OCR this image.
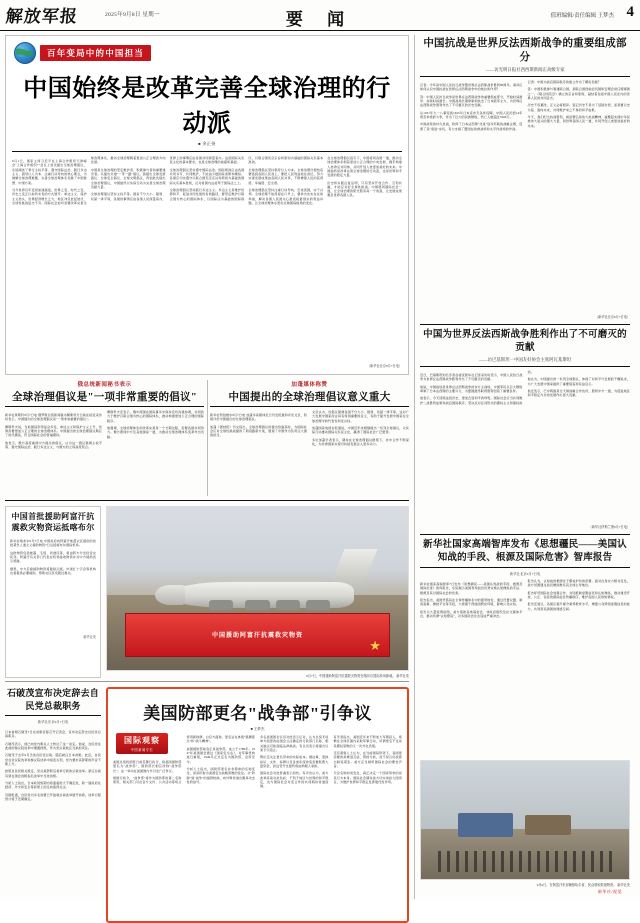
解放军报	2025年9月8日 星期一	要 闻	值班编辑/责任编辑 王梦杰 4
百年变局中的中国担当
中国始终是改革完善全球治理的行动派
■ 余正扬

9月1日，国家主席习近平在上海合作组织天津峰会"上海合作组织+"会议上首次提出全球治理倡议，系统阐述了奉行主权平等、遵守国际法治、践行多边主义、倡导以人为本、注重行动导向的核心理念，为破解全球治理难题、完善全球治理体系贡献了中国智慧、中国方案。

当今世界百年变局加速演进，世界之变、时代之变、历史之变正以前所未有的方式展开。单边主义、保护主义抬头，世界经济增长乏力，地区冲突此起彼伏，全球性挑战层出不穷。国际社会迫切需要改革完善全球治理体系，推动全球治理朝着更加公正合理的方向发展。

中国是全球治理的坚定维护者、积极参与者和重要建设者。从提出共建"一带一路"倡议，到提出全球发展倡议、全球安全倡议、全球文明倡议，再到此次提出全球治理倡议，中国始终以实际行动为完善全球治理贡献力量。

全球治理倡议坚持主权平等。国家不分大小、强弱、贫富一律平等，各国的事情应由各国人民商量着办，世界上的事情应由各国共同商量着办。这是国际关系民主化的基本要求，也是全球治理的前提和基础。

全球治理倡议坚持遵守国际法治。国际规则应由各国共同书写、共同维护，不能由少数国家垄断和操纵。各国应切实遵守以联合国宪章宗旨和原则为基础的国际关系基本准则，反对将国内法凌驾于国际法之上。

全球治理倡议坚持践行多边主义。多边主义是维护世界和平、促进共同发展的有效路径。要坚定维护以联合国为核心的国际体系，以国际法为基础的国际秩序，以联合国宪章宗旨和原则为基础的国际关系基本准则。

全球治理倡议坚持倡导以人为本。全球治理归根结底要落到各国人民身上，要把人民利益放在首位，努力实现发展成果由各国人民共享，不断增强人民的获得感、幸福感、安全感。

全球治理倡议坚持注重行动导向。空谈误国，实干兴邦。全球治理不能停留在口号上，要拿出实实在在的举措，解决各国人民最关心最直接最现实的利益问题，让全球治理体系更好反映国际格局的变化。

在全球治理倡议指引下，中国将同各国一道，推动全球治理体系朝着更加公正合理的方向发展，携手构建人类命运共同体，共同开创人类更加美好的未来。中国始终是改革完善全球治理的行动派，也是世界和平发展的稳定力量。

历史和实践反复证明，只有坚持开放合作、互利共赢，才能应对好全球性挑战。中国愿同国际社会一道，让全球治理的阳光照亮每一个角落，让发展成果惠及世界各国人民。

（新华社北京9月7日电）
俄总统新闻秘书表示
全球治理倡议是"一项非常重要的倡议"

新华社莫斯科9月7日电 俄罗斯总统新闻秘书佩斯科夫日前在接受采访时表示，中国提出的全球治理倡议是"一项非常重要的倡议"。

佩斯科夫说，当前国际形势复杂多变，单边主义和保护主义上升，世界需要更加公正合理的全球治理体系。中国提出的全球治理倡议顺应了时代潮流，符合国际社会的普遍期待。

他表示，俄方高度重视中方提出的倡议，认为这一倡议强调主权平等、遵守国际法治、践行多边主义，与俄方的立场高度契合。

佩斯科夫还表示，俄中两国在国际事务中保持密切沟通协调，共同致力于维护以联合国为核心的国际体系，推动构建更加公正合理的国际秩序。

他强调，全球治理体系的改革完善是一个长期过程，需要各国共同努力。俄方愿同中方及其他国家一道，为推动全球治理体系变革作出贡献。

加蓬媒体称赞
中国提出的全球治理倡议意义重大

新华社利伯维尔9月7日电 加蓬多家媒体近日刊发报道和评论文章，积极评价中国提出的全球治理倡议。

加蓬《团结报》刊文指出，全球治理倡议的提出恰逢其时，为国际社会应对全球性挑战提供了新思路新方案，展现了中国作为负责任大国的担当。

文章认为，该倡议强调各国不分大小、强弱、贫富一律平等，这对广大发展中国家而言具有特别重要的意义，有助于提升发展中国家在全球治理中的代表性和发言权。

加蓬国家电视台报道说，中国近年来相继提出一系列全球倡议，以实际行动推动国际关系民主化，赢得了国际社会广泛赞誉。

多位加蓬学者表示，期待在全球治理倡议框架下，非中合作不断深化，为非洲国家实现可持续发展注入更多动力。

中国首批援助阿富汗抗震救灾物资运抵喀布尔

新华社喀布尔9月7日电 中国政府向阿富汗地震灾区提供的首批紧急人道主义援助物资7日运抵喀布尔国际机场。

这批物资包括帐篷、毛毯、折叠床等，将由阿方分发给受灾民众。阿富汗有关部门代表在机场接收物资并对中方援助表示感谢。

据悉，中方后续援助物资将陆续运抵。中国红十字会等机构也将提供必要援助，帮助灾区民众渡过难关。

新华社发	中国援助阿富汗抗震救灾物资
★
9月7日，中国援助阿富汗抗震救灾物资在喀布尔国际机场卸载。 新华社发
石破茂宣布决定辞去自民党总裁职务
新华社东京9月7日电

日本首相石破茂7日在首相官邸召开记者会，宣布决定辞去自民党总裁职务。

石破茂表示，他已向党内相关人士转达了这一决定。他说，自民党在此前的参议院选举中遭遇挫败，作为党总裁他应当承担责任。

石破茂于去年9月当选自民党总裁，随后就任日本首相。此后，自民党在众议院选举和参议院选举中接连失利，党内要求其辞职的声音不断上升。

按照自民党相关规定，党总裁辞职后将举行新的总裁选举。新任总裁有望在国会首相指名选举中当选首相。

分析人士指出，日本政局短期内将面临较大不确定性，新一届政府在经济、外交和安全等政策上的走向值得关注。

另据报道，自民党内多名政要已开始就总裁选举展开协商，选举日程预计将于近期确定。

美国防部更名"战争部"引争议
■ 王梦杰
国际观察
中国新闻专栏

美国总统特朗普日前签署行政令，将美国国防部更名为"战争部"，国防部长相应改称"战争部长"。这一举动在美国国内外引发广泛争议。

根据行政令，"战争部"将作为国防部的第二名称使用，相关部门可在官方文件、公共活动等场合使用新称谓。白宫方面称，更名旨在体现"强硬姿态"和"战斗精神"。

美国国防部前身正是战争部，成立于1789年。1947年美国国会通过《国家安全法》，对军事机构进行重组，1949年正式定名为国防部，沿用至今。

分析人士指出，国防部更名并非简单的名称变化，而是折射出美国安全战略思维的变化。从"防御"到"战争"的措辞转换，向外界传递出颇具攻击性的信号。

多名美国国会议员对此表示反对，认为总统无权单方面更改由国会立法确定的行政部门名称，相关做法可能面临法律挑战。有议员表示将提出议案予以阻止。

舆论还关注更名带来的实际成本。据估算，更换标识、文件、标牌以及各类系统改造需要耗费大量资金，而这笔开支最终将由纳税人承担。

国际社会对此普遍表示担忧。有评论认为，美方此举渲染对抗色彩，不利于地区与世界的和平稳定，也与国际社会对话合作的共同期待背道而驰。

有学者指出，美国近年来不断加大军费投入，频繁在全球范围内采取军事行动，所谓更名不过是其霸权思维的又一次外化表现。

还有观察人士认为，在当前国际形势下，各国更需要的是增进互信、管控分歧，而不是以好战姿态制造紧张。美方应当倾听国际社会的理性声音。

无论名称如何变化，真正决定一个国家形象的是其行为本身。国际社会期待美方切实承担大国责任，为维护世界和平稳定发挥建设性作用。

中国抗战是世界反法西斯战争的重要组成部分
——访光明日报社西西斯新闻正高级专家

记者：今年是中国人民抗日战争暨世界反法西斯战争胜利80周年。请问应如何认识中国抗战在世界反法西斯战争中的地位和作用？

答：中国人民抗日战争是世界反法西斯战争的重要组成部分，开始时间最早、持续时间最长。中国战场长期牵制和抗击了日本陆军主力，为世界反法西斯战争胜利作出了不可磨灭的历史贡献。

从1931年九一八事变到1945年日本宣布无条件投降，中国人民历经14年艰苦卓绝的斗争，付出了巨大的民族牺牲，伤亡人数超过3500万。

中国战场的持久抗战，粉碎了日本法西斯"北进"进攻苏联的战略企图，迟滞了其"南进"步伐，有力支援了盟国在欧洲战场和太平洋战场的作战。

记者：中国为战后国际秩序的建立作出了哪些贡献？

答：中国积极参与筹建联合国，是联合国创始会员国和安理会常任理事国之一。《联合国宪章》确立的宗旨和原则，凝结着包括中国人民在内的世界人民的共同意志。

历史不容篡改，正义必将昭彰。铭记历史不是为了延续仇恨，而是要以史为鉴、面向未来，共同维护来之不易的和平成果。

今天，我们纪念抗战胜利，就是要弘扬伟大抗战精神，凝聚起实现中华民族伟大复兴的强大力量，同世界各国人民一道，共同开创人类更加美好的未来。

（新华社北京9月7日电）
中国为世界反法西斯战争胜利作出了不可磨灭的贡献
——访巴基斯坦一中国友好协会主席阿瓦基斯坦

近日，巴基斯坦知名学者在接受新华社记者采访时表示，中国人民抗日战争为世界反法西斯战争胜利作出了不可磨灭的贡献。

他说，中国战场是世界反法西斯战争的东方主战场，中国军民以巨大牺牲牵制了日本法西斯的主要兵力，为盟国最终取得胜利创造了重要条件。

他表示，今天回顾这段历史，更加凸显和平的珍贵。国际社会应当共同维护二战胜利成果和战后国际秩序，坚决反对任何形式的霸权主义和强权政治。

他认为，中国提出的一系列全球倡议，体现了对和平与发展的不懈追求，为广大发展中国家提供了重要借鉴和有益启示。

他还表示，巴中两国是全天候战略合作伙伴，愿同中方一道，为促进地区和平稳定与共同发展作出更大贡献。

（新华社伊斯兰堡9月7日电）
新华社国家高端智库发布《思想疆民——美国认知战的手段、根源及国际危害》智库报告
新华社北京9月7日电

新华社国家高端智库7日发布《思想疆民——美国认知战的手段、根源及国际危害》智库报告，系统揭示美国利用信息优势实施认知操纵的手法、根源及其对国际社会的危害。

报告指出，美国凭借其在全球传播体系中的强势地位，通过设置议题、制造叙事、操控平台等手段，大规模干预他国舆论环境，影响公众认知。

报告以大量案例说明，美方借助各类基金会、非政府组织及社交媒体平台，推动所谓"认知塑造"，对多国政治生态造成严重冲击。

报告认为，认知战的根源在于霸权护持的需要。面对自身实力相对变化，美方试图通过信息操纵维系其全球主导地位。

报告呼吁国际社会加强合作，共同抵制虚假信息和认知操纵，推动建设开放、公正、包容的国际信息传播秩序，维护各国人民的知情权。

报告还建议，各国应提升媒介素养教育水平，增强公众辨别虚假信息的能力，共同营造清朗的网络空间。

9月6日，在阿富汗东部楠格哈尔省，民众领取救援物资。 新华社发
新华社/视觉
